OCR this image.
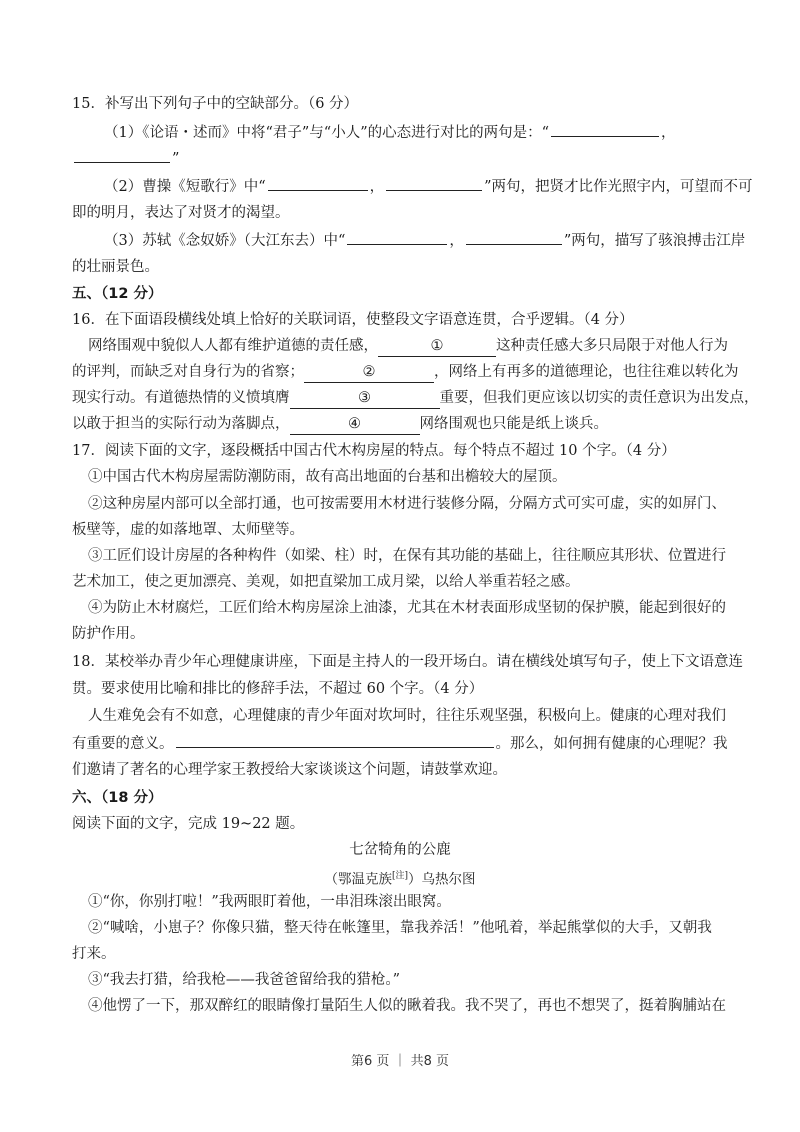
15．补写出下列句子中的空缺部分。（6 分）
（1）《论语・述而》中将“君子”与“小人”的心态进行对比的两句是：“	，
”
（2）曹操《短歌行》中“	，	”两句，把贤才比作光照宇内，可望而不可
即的明月，表达了对贤才的渴望。
（3）苏轼《念奴娇》（大江东去）中“	，	”两句，描写了骇浪搏击江岸
的壮丽景色。
五、（12 分）
16．在下面语段横线处填上恰好的关联词语，使整段文字语意连贯，合乎逻辑。（4 分）
网络围观中貌似人人都有维护道德的责任感，	①	这种责任感大多只局限于对他人行为
的评判，而缺乏对自身行为的省察；	②	，网络上有再多的道德理论，也往往难以转化为
现实行动。有道德热情的义愤填膺	③	重要，但我们更应该以切实的责任意识为出发点，
以敢于担当的实际行动为落脚点，	④	网络围观也只能是纸上谈兵。
17．阅读下面的文字，逐段概括中国古代木构房屋的特点。每个特点不超过 10 个字。（4 分）
①中国古代木构房屋需防潮防雨，故有高出地面的台基和出檐较大的屋顶。
②这种房屋内部可以全部打通，也可按需要用木材进行装修分隔，分隔方式可实可虚，实的如屏门、
板壁等，虚的如落地罩、太师壁等。
③工匠们设计房屋的各种构件（如梁、柱）时，在保有其功能的基础上，往往顺应其形状、位置进行
艺术加工，使之更加漂亮、美观，如把直梁加工成月梁，以给人举重若轻之感。
④为防止木材腐烂，工匠们给木构房屋涂上油漆，尤其在木材表面形成坚韧的保护膜，能起到很好的
防护作用。
18．某校举办青少年心理健康讲座，下面是主持人的一段开场白。请在横线处填写句子，使上下文语意连
贯。要求使用比喻和排比的修辞手法，不超过 60 个字。（4 分）
人生难免会有不如意，心理健康的青少年面对坎坷时，往往乐观坚强，积极向上。健康的心理对我们
有重要的意义。	。那么，如何拥有健康的心理呢？我
们邀请了著名的心理学家王教授给大家谈谈这个问题，请鼓掌欢迎。
六、（18 分）
阅读下面的文字，完成 19~22 题。
七岔犄角的公鹿
（鄂温克族[注]）乌热尔图
①“你，你别打啦！”我两眼盯着他，一串泪珠滚出眼窝。
②“喊啥，小崽子？你像只猫，整天待在帐篷里，靠我养活！”他吼着，举起熊掌似的大手，又朝我
打来。
③“我去打猎，给我枪——我爸爸留给我的猎枪。”
④他愣了一下，那双醉红的眼睛像打量陌生人似的瞅着我。我不哭了，再也不想哭了，挺着胸脯站在
第6 页 ｜ 共8 页
